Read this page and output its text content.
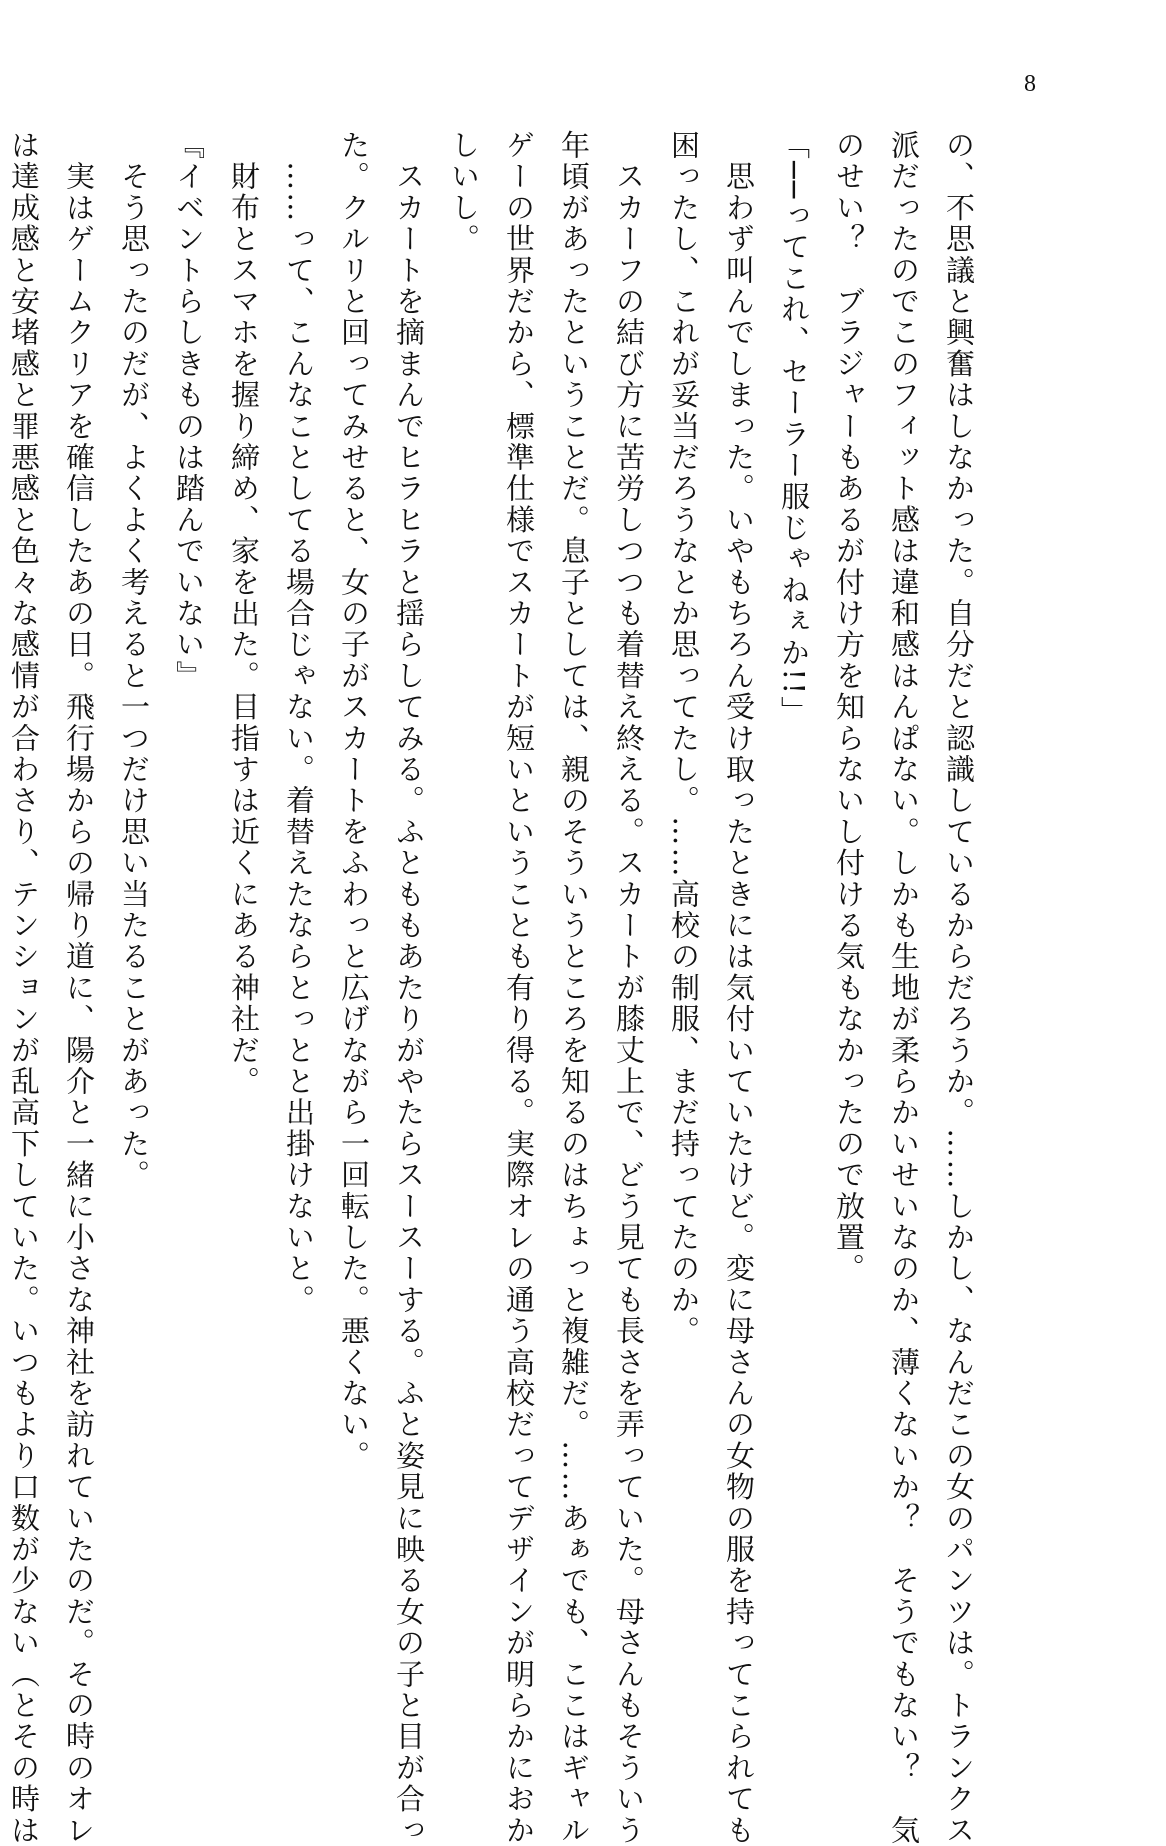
8
の、不思議と興奮はしなかった。自分だと認識しているからだろうか。……しかし、なんだこの女のパンツは。トランクス
派だったのでこのフィット感は違和感はんぱない。しかも生地が柔らかいせいなのか、薄くないか？　そうでもない？　気
のせい？　ブラジャーもあるが付け方を知らないし付ける気もなかったので放置。
「──ってこれ、セーラー服じゃねぇか!!」
　思わず叫んでしまった。いやもちろん受け取ったときには気付いていたけど。変に母さんの女物の服を持ってこられても
困ったし、これが妥当だろうなとか思ってたし。……高校の制服、まだ持ってたのか。
　スカーフの結び方に苦労しつつも着替え終える。スカートが膝丈上で、どう見ても長さを弄っていた。母さんもそういう
年頃があったということだ。息子としては、親のそういうところを知るのはちょっと複雑だ。……あぁでも、ここはギャル
ゲーの世界だから、標準仕様でスカートが短いということも有り得る。実際オレの通う高校だってデザインが明らかにおか
しいし。
　スカートを摘まんでヒラヒラと揺らしてみる。ふとももあたりがやたらスースーする。ふと姿見に映る女の子と目が合っ
た。クルリと回ってみせると、女の子がスカートをふわっと広げながら一回転した。悪くない。
　……って、こんなことしてる場合じゃない。着替えたならとっとと出掛けないと。
　財布とスマホを握り締め、家を出た。目指すは近くにある神社だ。
『イベントらしきものは踏んでいない』
　そう思ったのだが、よくよく考えると一つだけ思い当たることがあった。
　実はゲームクリアを確信したあの日。飛行場からの帰り道に、陽介と一緒に小さな神社を訪れていたのだ。その時のオレ
は達成感と安堵感と罪悪感と色々な感情が合わさり、テンションが乱高下していた。いつもより口数が少ない（とその時は
